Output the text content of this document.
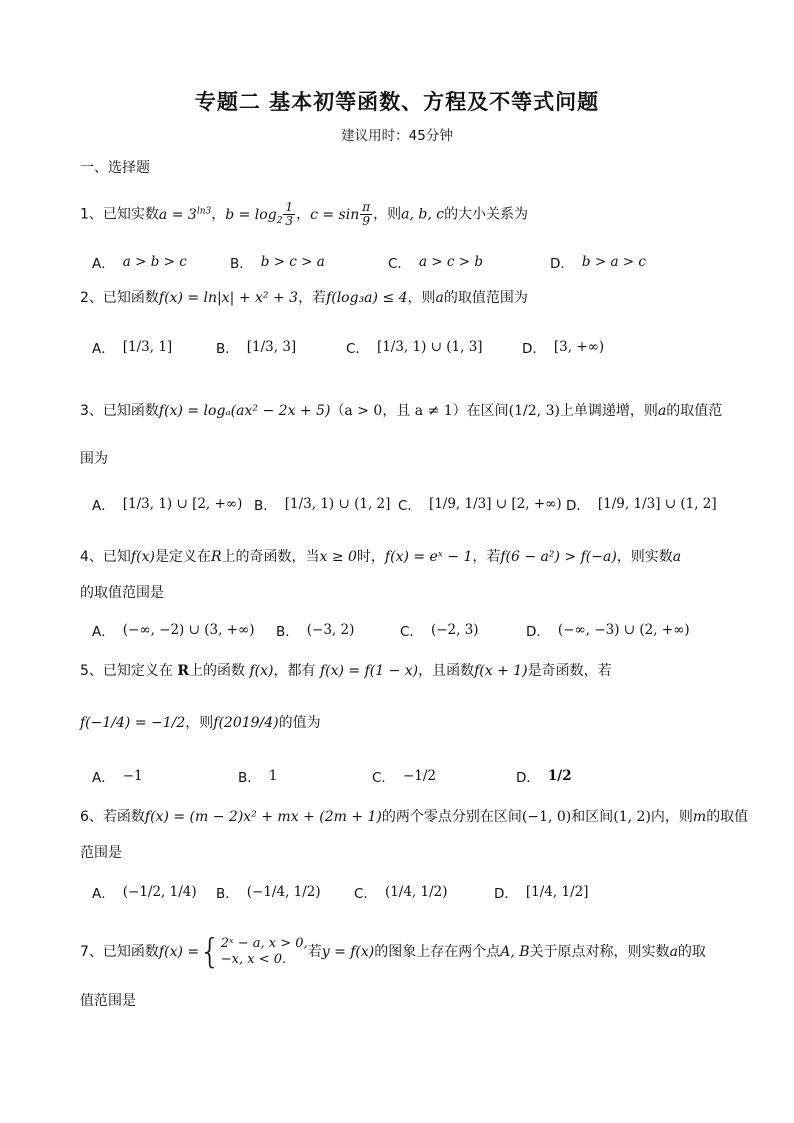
专题二 基本初等函数、方程及不等式问题
建议用时：45分钟
一、选择题
1、已知实数$a = 3^{ln3}$，$b = \log_2 \frac{1}{3}$ ，$c = \sin \frac{\pi}{9}$ ，则a, b, c的大小关系为
A． a > b > c	B． b > c > a	C． a > c > b	D． b > a > c
2、已知函数f(x) = ln|x| + x² + 3，若f(log₃a) ≤ 4，则a的取值范围为
A． [1/3, 1]	B． [1/3, 3]	C． [1/3, 1) ∪ (1, 3]	D． [3, +∞)
3、已知函数f(x) = logₐ(ax² − 2x + 5)（a > 0，且 a ≠ 1）在区间(1/2, 3)上单调递增，则a的取值范
围为
A． [1/3, 1) ∪ [2, +∞) B． [1/3, 1) ∪ (1, 2] C． [1/9, 1/3] ∪ [2, +∞) D． [1/9, 1/3] ∪ (1, 2]
4、已知f(x)是定义在R上的奇函数，当x ≥ 0时，f(x) = eˣ − 1，若f(6 − a²) > f(−a)，则实数a
的取值范围是
A． (−∞, −2) ∪ (3, +∞) B． (−3, 2)	C． (−2, 3)	D． (−∞, −3) ∪ (2, +∞)
5、已知定义在 R上的函数 f(x)，都有 f(x) = f(1 − x)，且函数f(x + 1)是奇函数，若
f(−1/4) = −1/2，则f(2019/4)的值为
A． −1	B． 1	C． −1/2	D． 1/2
6、若函数f(x) = (m − 2)x² + mx + (2m + 1)的两个零点分别在区间(−1, 0)和区间(1, 2)内，则m的取值
范围是
A． (−1/2, 1/4) B． (−1/4, 1/2) C． (1/4, 1/2)	D． [1/4, 1/2]
7、已知函数f(x) ={ 2ˣ − a, x > 0,
−x, x < 0.	若y = f(x)的图象上存在两个点A, B关于原点对称，则实数a的取
值范围是
